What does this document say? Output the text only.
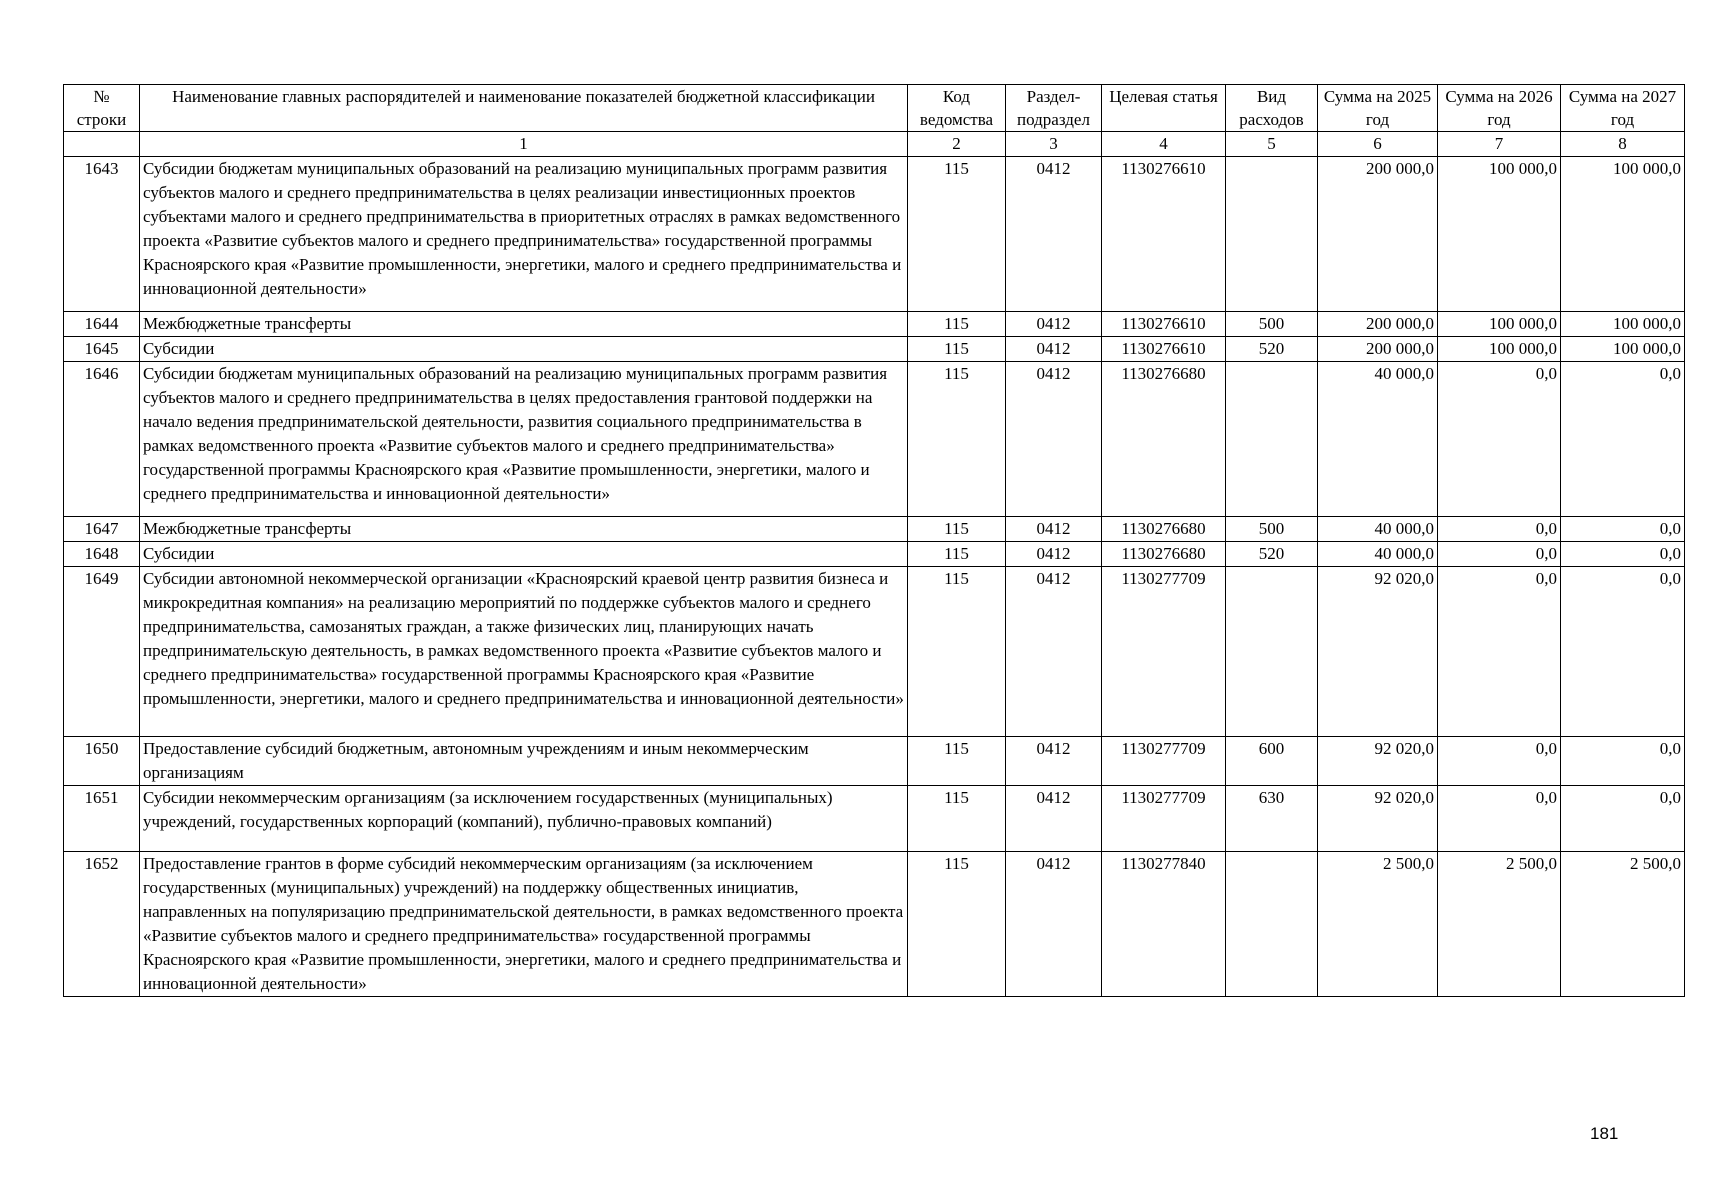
№ строки	Наименование главных распорядителей и наименование показателей бюджетной классификации	Код ведомства	Раздел-подраздел	Целевая статья	Вид расходов	Сумма на 2025 год	Сумма на 2026 год	Сумма на 2027 год
	1	2	3	4	5	6	7	8
1643	Субсидии бюджетам муниципальных образований на реализацию муниципальных программ развития субъектов малого и среднего предпринимательства в целях реализации инвестиционных проектов субъектами малого и среднего предпринимательства в приоритетных отраслях в рамках ведомственного проекта «Развитие субъектов малого и среднего предпринимательства» государственной программы Красноярского края «Развитие промышленности, энергетики, малого и среднего предпринимательства и инновационной деятельности»	115	0412	1130276610		200 000,0	100 000,0	100 000,0
1644	Межбюджетные трансферты	115	0412	1130276610	500	200 000,0	100 000,0	100 000,0
1645	Субсидии	115	0412	1130276610	520	200 000,0	100 000,0	100 000,0
1646	Субсидии бюджетам муниципальных образований на реализацию муниципальных программ развития субъектов малого и среднего предпринимательства в целях предоставления грантовой поддержки на начало ведения предпринимательской деятельности, развития социального предпринимательства в рамках ведомственного проекта «Развитие субъектов малого и среднего предпринимательства» государственной программы Красноярского края «Развитие промышленности, энергетики, малого и среднего предпринимательства и инновационной деятельности»	115	0412	1130276680		40 000,0	0,0	0,0
1647	Межбюджетные трансферты	115	0412	1130276680	500	40 000,0	0,0	0,0
1648	Субсидии	115	0412	1130276680	520	40 000,0	0,0	0,0
1649	Субсидии автономной некоммерческой организации «Красноярский краевой центр развития бизнеса и микрокредитная компания» на реализацию мероприятий по поддержке субъектов малого и среднего предпринимательства, самозанятых граждан, а также физических лиц, планирующих начать предпринимательскую деятельность, в рамках ведомственного проекта «Развитие субъектов малого и среднего предпринимательства» государственной программы Красноярского края «Развитие промышленности, энергетики, малого и среднего предпринимательства и инновационной деятельности»	115	0412	1130277709		92 020,0	0,0	0,0
1650	Предоставление субсидий бюджетным, автономным учреждениям и иным некоммерческим организациям	115	0412	1130277709	600	92 020,0	0,0	0,0
1651	Субсидии некоммерческим организациям (за исключением государственных (муниципальных) учреждений, государственных корпораций (компаний), публично-правовых компаний)	115	0412	1130277709	630	92 020,0	0,0	0,0
1652	Предоставление грантов в форме субсидий некоммерческим организациям (за исключением государственных (муниципальных) учреждений) на поддержку общественных инициатив, направленных на популяризацию предпринимательской деятельности, в рамках ведомственного проекта «Развитие субъектов малого и среднего предпринимательства» государственной программы Красноярского края «Развитие промышленности, энергетики, малого и среднего предпринимательства и инновационной деятельности»	115	0412	1130277840		2 500,0	2 500,0	2 500,0
181
